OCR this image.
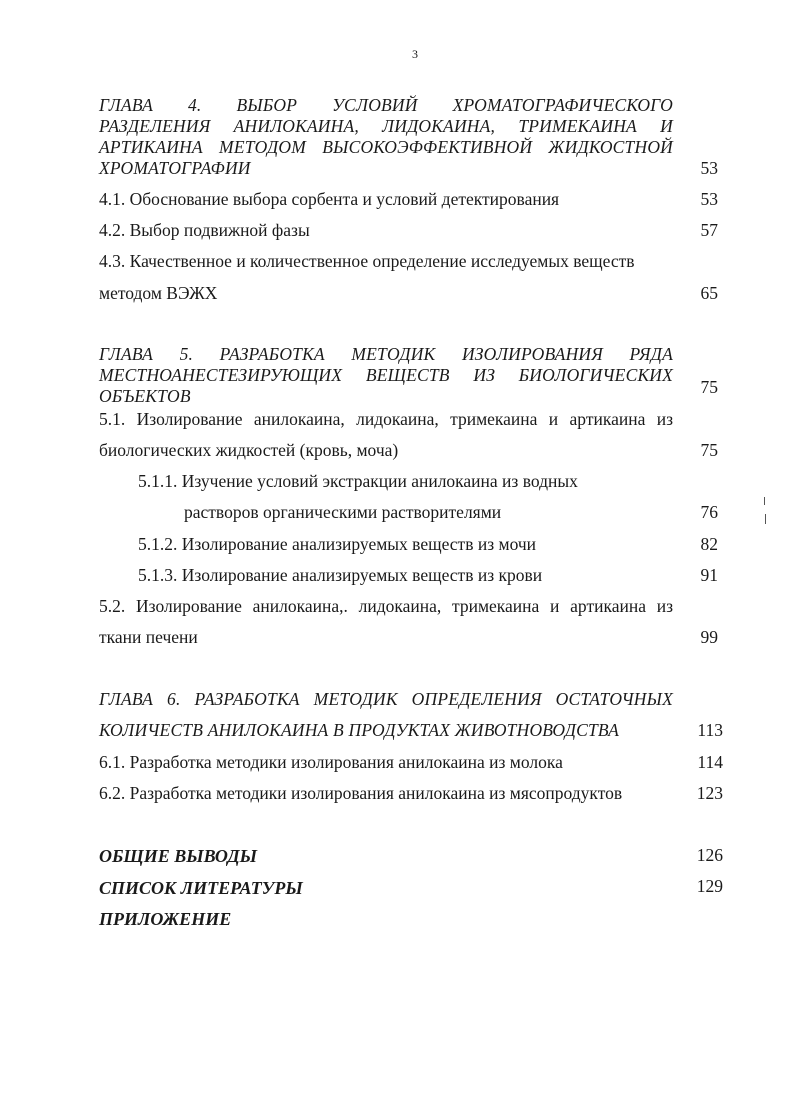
3
ГЛАВА 4. ВЫБОР УСЛОВИЙ ХРОМАТОГРАФИЧЕСКОГО
РАЗДЕЛЕНИЯ АНИЛОКАИНА, ЛИДОКАИНА, ТРИМЕКАИНА И
АРТИКАИНА МЕТОДОМ ВЫСОКОЭФФЕКТИВНОЙ ЖИДКОСТНОЙ
ХРОМАТОГРАФИИ	53
4.1. Обоснование выбора сорбента и условий детектирования	53
4.2. Выбор подвижной фазы	57
4.3. Качественное и количественное определение исследуемых веществ
методом ВЭЖХ	65
ГЛАВА 5. РАЗРАБОТКА МЕТОДИК ИЗОЛИРОВАНИЯ РЯДА
МЕСТНОАНЕСТЕЗИРУЮЩИХ ВЕЩЕСТВ ИЗ БИОЛОГИЧЕСКИХ
ОБЪЕКТОВ	75
5.1. Изолирование анилокаина, лидокаина, тримекаина и артикаина из
биологических жидкостей (кровь, моча)	75
5.1.1. Изучение условий экстракции анилокаина из водных
растворов органическими растворителями	76
5.1.2. Изолирование анализируемых веществ из мочи	82
5.1.3. Изолирование анализируемых веществ из крови	91
5.2. Изолирование анилокаина,. лидокаина, тримекаина и артикаина из
ткани печени	99
ГЛАВА 6. РАЗРАБОТКА МЕТОДИК ОПРЕДЕЛЕНИЯ ОСТАТОЧНЫХ
КОЛИЧЕСТВ АНИЛОКАИНА В ПРОДУКТАХ ЖИВОТНОВОДСТВА	113
6.1. Разработка методики изолирования анилокаина из молока	114
6.2. Разработка методики изолирования анилокаина из мясопродуктов	123
ОБЩИЕ ВЫВОДЫ	126
СПИСОК ЛИТЕРАТУРЫ	129
ПРИЛОЖЕНИЕ
